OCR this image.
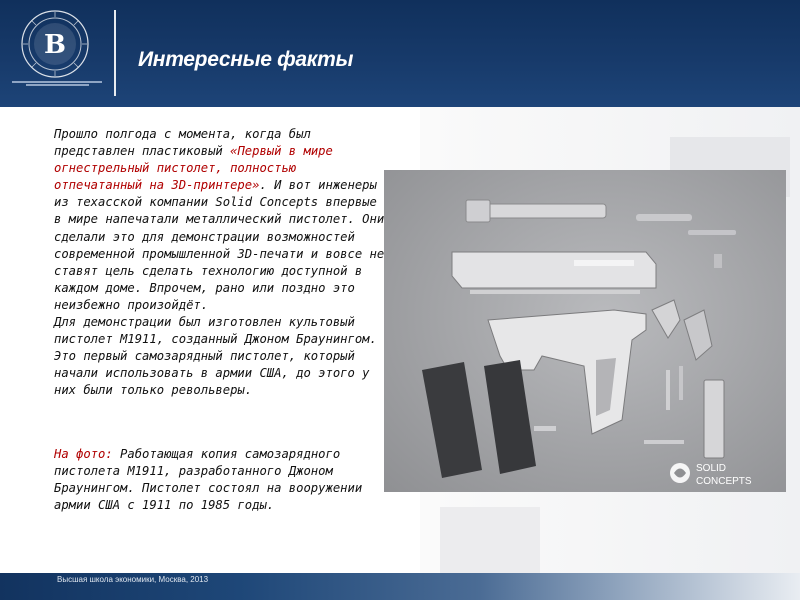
В	Интересные факты
SOLID
CONCEPTS

Прошло полгода с момента, когда был представлен пластиковый «Первый в мире огнестрельный пистолет, полностью отпечатанный на 3D-принтере». И вот инженеры из техасской компании Solid Concepts впервые в мире напечатали металлический пистолет. Они сделали это для демонстрации возможностей современной промышленной 3D-печати и вовсе не ставят цель сделать технологию доступной в каждом доме. Впрочем, рано или поздно это неизбежно произойдёт.

Для демонстрации был изготовлен культовый пистолет M1911, созданный Джоном Браунингом. Это первый самозарядный пистолет, который начали использовать в армии США, до этого у них были только револьверы.

На фото: Работающая копия самозарядного пистолета M1911, разработанного Джоном Браунингом. Пистолет состоял на вооружении армии США с 1911 по 1985 годы.
Высшая школа экономики, Москва, 2013
